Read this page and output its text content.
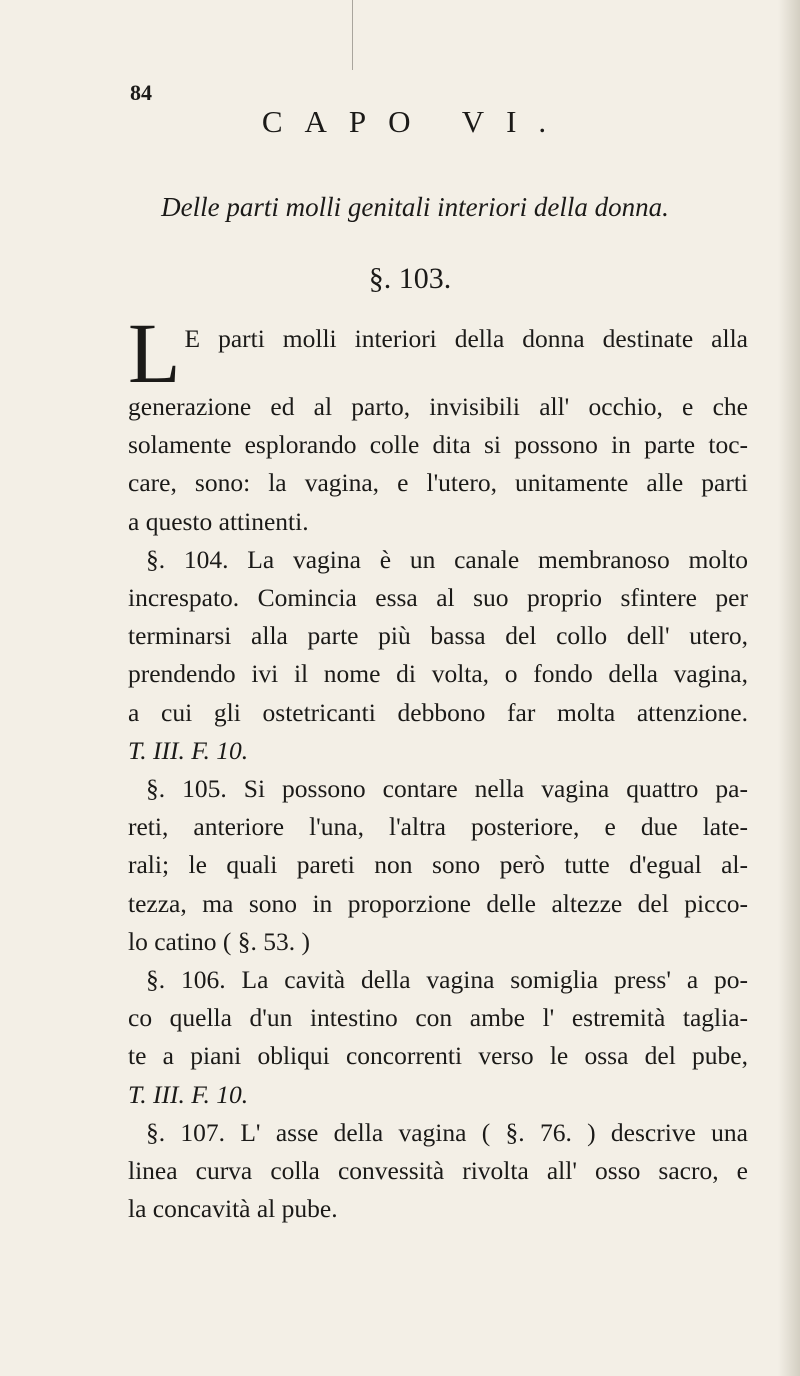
84
CAPO VI.
Delle parti molli genitali interiori della donna.
§. 103.
L E parti molli interiori della donna destinate alla
generazione ed al parto, invisibili all' occhio, e che
solamente esplorando colle dita si possono in parte toc-
care, sono: la vagina, e l'utero, unitamente alle parti
a questo attinenti.
§. 104. La vagina è un canale membranoso molto
increspato. Comincia essa al suo proprio sfintere per
terminarsi alla parte più bassa del collo dell' utero,
prendendo ivi il nome di volta, o fondo della vagina,
a cui gli ostetricanti debbono far molta attenzione.
T. III. F. 10.
§. 105. Si possono contare nella vagina quattro pa-
reti, anteriore l'una, l'altra posteriore, e due late-
rali; le quali pareti non sono però tutte d'egual al-
tezza, ma sono in proporzione delle altezze del picco-
lo catino ( §. 53. )
§. 106. La cavità della vagina somiglia press' a po-
co quella d'un intestino con ambe l' estremità taglia-
te a piani obliqui concorrenti verso le ossa del pube,
T. III. F. 10.
§. 107. L' asse della vagina ( §. 76. ) descrive una
linea curva colla convessità rivolta all' osso sacro, e
la concavità al pube.
